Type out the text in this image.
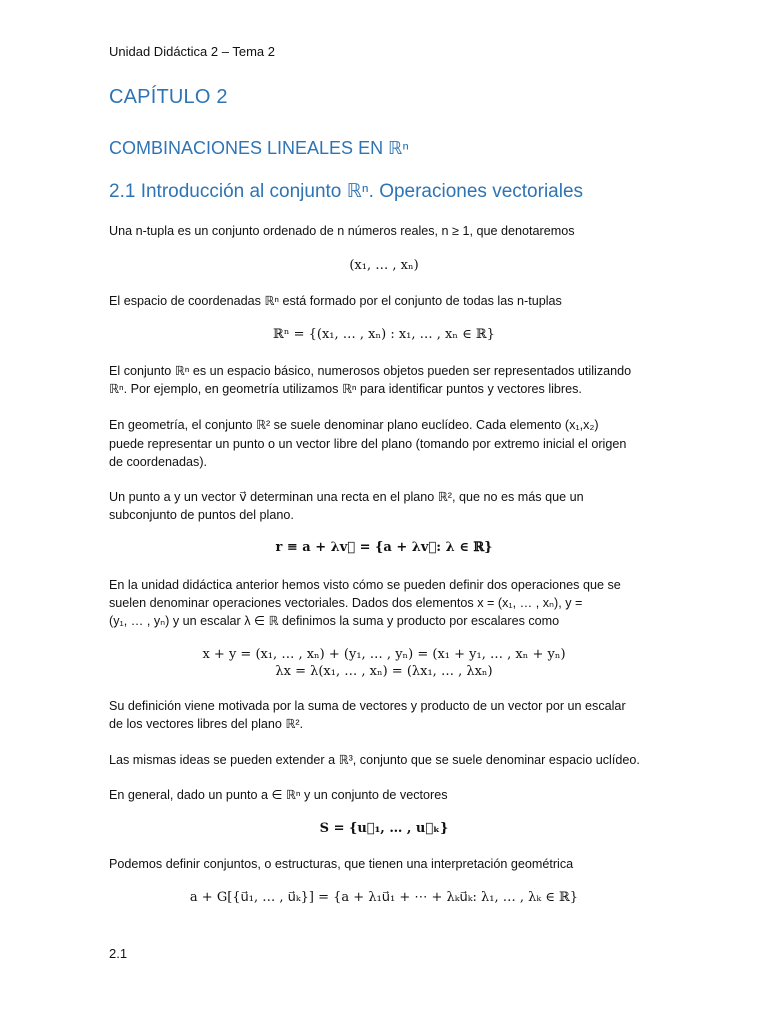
Unidad Didáctica 2 – Tema 2
CAPÍTULO 2
COMBINACIONES LINEALES EN ℝⁿ
2.1 Introducción al conjunto ℝⁿ. Operaciones vectoriales
Una n-tupla es un conjunto ordenado de n números reales, n ≥ 1, que denotaremos
(x₁, … , xₙ)
El espacio de coordenadas ℝⁿ está formado por el conjunto de todas las n-tuplas
ℝⁿ = {(x₁, … , xₙ) : x₁, … , xₙ ∈ ℝ}
El conjunto ℝⁿ es un espacio básico, numerosos objetos pueden ser representados utilizando
ℝⁿ. Por ejemplo, en geometría utilizamos ℝⁿ para identificar puntos y vectores libres.
En geometría, el conjunto ℝ² se suele denominar plano euclídeo. Cada elemento (x₁,x₂)
puede representar un punto o un vector libre del plano (tomando por extremo inicial el origen
de coordenadas).
Un punto a y un vector v⃗ determinan una recta en el plano ℝ², que no es más que un
subconjunto de puntos del plano.
r ≡ a + λv⃗ = {a + λv⃗: λ ∈ ℝ}
En la unidad didáctica anterior hemos visto cómo se pueden definir dos operaciones que se
suelen denominar operaciones vectoriales. Dados dos elementos x = (x₁, … , xₙ), y =
(y₁, … , yₙ) y un escalar λ ∈ ℝ definimos la suma y producto por escalares como
x + y = (x₁, … , xₙ) + (y₁, … , yₙ) = (x₁ + y₁, … , xₙ + yₙ)
λx = λ(x₁, … , xₙ) = (λx₁, … , λxₙ)
Su definición viene motivada por la suma de vectores y producto de un vector por un escalar
de los vectores libres del plano ℝ².
Las mismas ideas se pueden extender a ℝ³, conjunto que se suele denominar espacio uclídeo.
En general, dado un punto a ∈ ℝⁿ y un conjunto de vectores
S = {u⃗₁, … , u⃗ₖ}
Podemos definir conjuntos, o estructuras, que tienen una interpretación geométrica
a + G[{u⃗₁, … , u⃗ₖ}] = {a + λ₁u⃗₁ + ⋯ + λₖu⃗ₖ: λ₁, … , λₖ ∈ ℝ}
2.1
